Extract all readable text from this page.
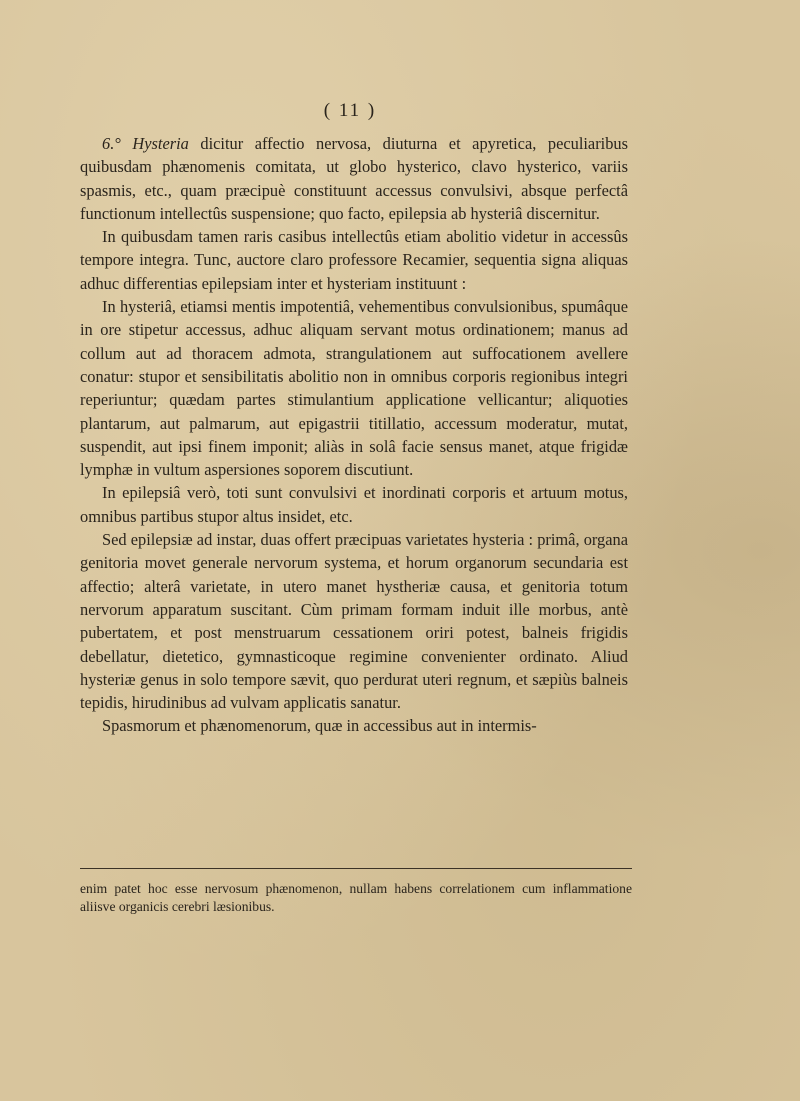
( 11 )

6.° Hysteria dicitur affectio nervosa, diuturna et apyretica, peculiaribus quibusdam phænomenis comitata, ut globo hysterico, clavo hysterico, variis spasmis, etc., quam præcipuè constituunt accessus convulsivi, absque perfectâ functionum intellectûs suspensione; quo facto, epilepsia ab hysteriâ discernitur.

In quibusdam tamen raris casibus intellectûs etiam abolitio videtur in accessûs tempore integra. Tunc, auctore claro professore Recamier, sequentia signa aliquas adhuc differentias epilepsiam inter et hysteriam instituunt :

In hysteriâ, etiamsi mentis impotentiâ, vehementibus convulsionibus, spumâque in ore stipetur accessus, adhuc aliquam servant motus ordinationem; manus ad collum aut ad thoracem admota, strangulationem aut suffocationem avellere conatur: stupor et sensibilitatis abolitio non in omnibus corporis regionibus integri reperiuntur; quædam partes stimulantium applicatione vellicantur; aliquoties plantarum, aut palmarum, aut epigastrii titillatio, accessum moderatur, mutat, suspendit, aut ipsi finem imponit; aliàs in solâ facie sensus manet, atque frigidæ lymphæ in vultum aspersiones soporem discutiunt.

In epilepsiâ verò, toti sunt convulsivi et inordinati corporis et artuum motus, omnibus partibus stupor altus insidet, etc.

Sed epilepsiæ ad instar, duas offert præcipuas varietates hysteria : primâ, organa genitoria movet generale nervorum systema, et horum organorum secundaria est affectio; alterâ varietate, in utero manet hystheriæ causa, et genitoria totum nervorum apparatum suscitant. Cùm primam formam induit ille morbus, antè pubertatem, et post menstruarum cessationem oriri potest, balneis frigidis debellatur, dietetico, gymnasticoque regimine convenienter ordinato. Aliud hysteriæ genus in solo tempore sævit, quo perdurat uteri regnum, et sæpiùs balneis tepidis, hirudinibus ad vulvam applicatis sanatur.

Spasmorum et phænomenorum, quæ in accessibus aut in intermis-

enim patet hoc esse nervosum phænomenon, nullam habens correlationem cum inflammatione aliisve organicis cerebri læsionibus.
